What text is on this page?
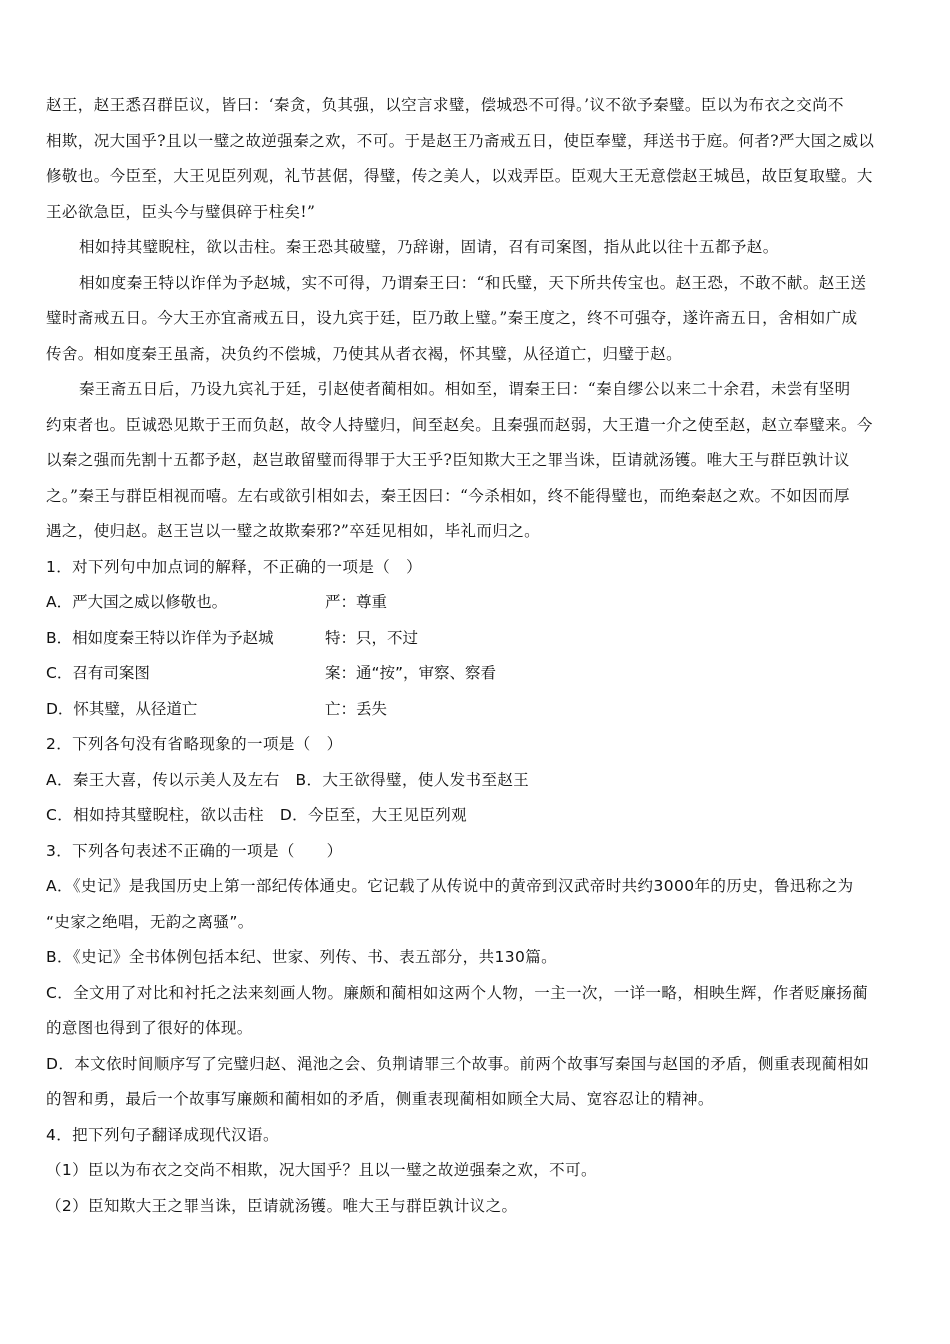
赵王，赵王悉召群臣议，皆曰：‘秦贪，负其强，以空言求璧，偿城恐不可得。’议不欲予秦璧。臣以为布衣之交尚不
相欺，况大国乎?且以一璧之故逆强秦之欢，不可。于是赵王乃斋戒五日，使臣奉璧，拜送书于庭。何者?严大国之威以
修敬也。今臣至，大王见臣列观，礼节甚倨，得璧，传之美人，以戏弄臣。臣观大王无意偿赵王城邑，故臣复取璧。大
王必欲急臣，臣头今与璧俱碎于柱矣!”
相如持其璧睨柱，欲以击柱。秦王恐其破璧，乃辞谢，固请，召有司案图，指从此以往十五都予赵。
相如度秦王特以诈佯为予赵城，实不可得，乃谓秦王曰：“和氏璧，天下所共传宝也。赵王恐，不敢不献。赵王送
璧时斋戒五日。今大王亦宜斋戒五日，设九宾于廷，臣乃敢上璧。”秦王度之，终不可强夺，遂许斋五日，舍相如广成
传舍。相如度秦王虽斋，决负约不偿城，乃使其从者衣褐，怀其璧，从径道亡，归璧于赵。
秦王斋五日后，乃设九宾礼于廷，引赵使者蔺相如。相如至，谓秦王曰：“秦自缪公以来二十余君，未尝有坚明
约束者也。臣诚恐见欺于王而负赵，故令人持璧归，间至赵矣。且秦强而赵弱，大王遣一介之使至赵，赵立奉璧来。今
以秦之强而先割十五都予赵，赵岂敢留璧而得罪于大王乎?臣知欺大王之罪当诛，臣请就汤镬。唯大王与群臣孰计议
之。”秦王与群臣相视而嘻。左右或欲引相如去，秦王因曰：“今杀相如，终不能得璧也，而绝秦赵之欢。不如因而厚
遇之，使归赵。赵王岂以一璧之故欺秦邪?”卒廷见相如，毕礼而归之。
1．对下列句中加点词的解释，不正确的一项是（　）
A．严大国之威以修敬也。	严：尊重
B．相如度秦王特以诈佯为予赵城	特：只，不过
C．召有司案图	案：通“按”，审察、察看
D．怀其璧，从径道亡	亡：丢失
2．下列各句没有省略现象的一项是（　）
A．秦王大喜，传以示美人及左右　B．大王欲得璧，使人发书至赵王
C．相如持其璧睨柱，欲以击柱　D．今臣至，大王见臣列观
3．下列各句表述不正确的一项是（　　）
A．《史记》是我国历史上第一部纪传体通史。它记载了从传说中的黄帝到汉武帝时共约3000年的历史，鲁迅称之为
“史家之绝唱，无韵之离骚”。
B．《史记》全书体例包括本纪、世家、列传、书、表五部分，共130篇。
C．全文用了对比和衬托之法来刻画人物。廉颇和蔺相如这两个人物，一主一次，一详一略，相映生辉，作者贬廉扬蔺
的意图也得到了很好的体现。
D．本文依时间顺序写了完璧归赵、渑池之会、负荆请罪三个故事。前两个故事写秦国与赵国的矛盾，侧重表现蔺相如
的智和勇，最后一个故事写廉颇和蔺相如的矛盾，侧重表现蔺相如顾全大局、宽容忍让的精神。
4．把下列句子翻译成现代汉语。
（1）臣以为布衣之交尚不相欺，况大国乎？且以一璧之故逆强秦之欢，不可。
（2）臣知欺大王之罪当诛，臣请就汤镬。唯大王与群臣孰计议之。
